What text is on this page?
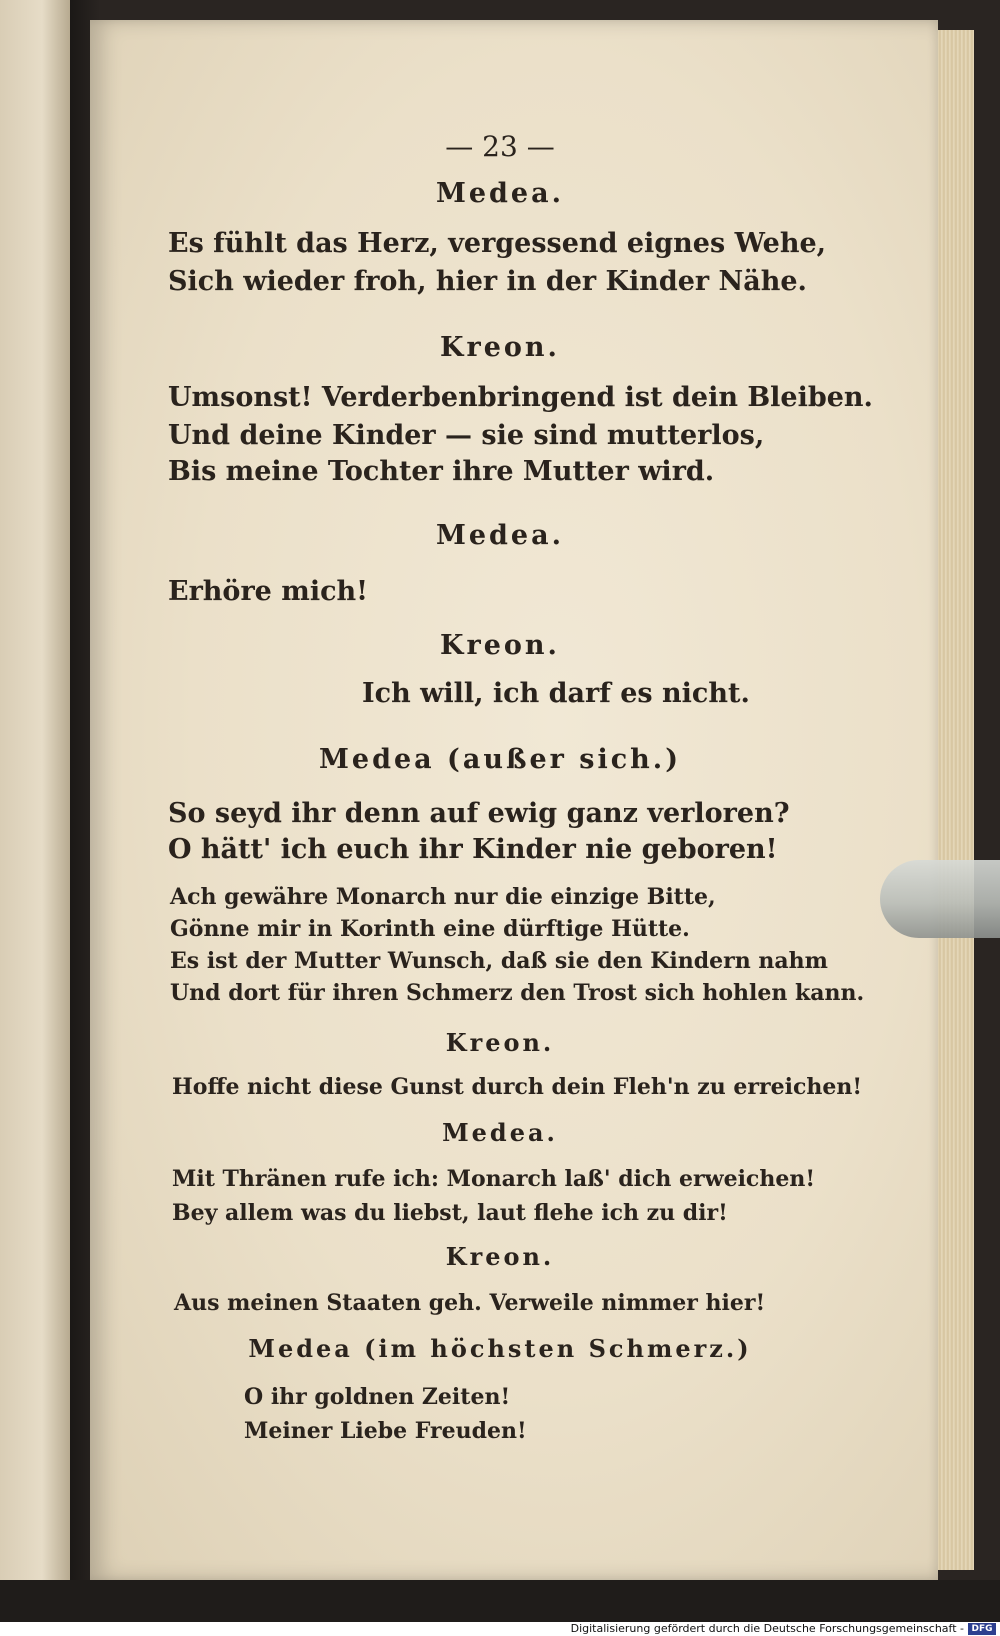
— 23 —
Medea.
Es fühlt das Herz, vergessend eignes Wehe,
Sich wieder froh, hier in der Kinder Nähe.
Kreon.
Umsonst! Verderbenbringend ist dein Bleiben.
Und deine Kinder — sie sind mutterlos,
Bis meine Tochter ihre Mutter wird.
Medea.
Erhöre mich!
Kreon.
Ich will, ich darf es nicht.
Medea (außer sich.)
So seyd ihr denn auf ewig ganz verloren?
O hätt' ich euch ihr Kinder nie geboren!
Ach gewähre Monarch nur die einzige Bitte,
Gönne mir in Korinth eine dürftige Hütte.
Es ist der Mutter Wunsch, daß sie den Kindern nahm
Und dort für ihren Schmerz den Trost sich hohlen kann.
Kreon.
Hoffe nicht diese Gunst durch dein Fleh'n zu erreichen!
Medea.
Mit Thränen rufe ich: Monarch laß' dich erweichen!
Bey allem was du liebst, laut flehe ich zu dir!
Kreon.
Aus meinen Staaten geh. Verweile nimmer hier!
Medea (im höchsten Schmerz.)
O ihr goldnen Zeiten!
Meiner Liebe Freuden!
Digitalisierung gefördert durch die Deutsche Forschungsgemeinschaft - DFG
